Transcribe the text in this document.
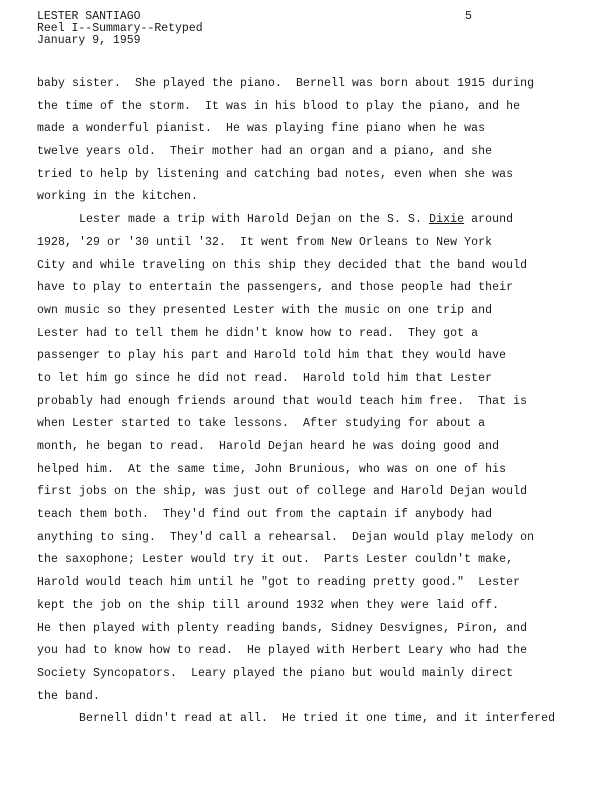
LESTER SANTIAGO
Reel I--Summary--Retyped
January 9, 1959
5
baby sister.  She played the piano.  Bernell was born about 1915 during
the time of the storm.  It was in his blood to play the piano, and he
made a wonderful pianist.  He was playing fine piano when he was
twelve years old.  Their mother had an organ and a piano, and she
tried to help by listening and catching bad notes, even when she was
working in the kitchen.
Lester made a trip with Harold Dejan on the S. S. Dixie around
1928, '29 or '30 until '32.  It went from New Orleans to New York
City and while traveling on this ship they decided that the band would
have to play to entertain the passengers, and those people had their
own music so they presented Lester with the music on one trip and
Lester had to tell them he didn't know how to read.  They got a
passenger to play his part and Harold told him that they would have
to let him go since he did not read.  Harold told him that Lester
probably had enough friends around that would teach him free.  That is
when Lester started to take lessons.  After studying for about a
month, he began to read.  Harold Dejan heard he was doing good and
helped him.  At the same time, John Brunious, who was on one of his
first jobs on the ship, was just out of college and Harold Dejan would
teach them both.  They'd find out from the captain if anybody had
anything to sing.  They'd call a rehearsal.  Dejan would play melody on
the saxophone; Lester would try it out.  Parts Lester couldn't make,
Harold would teach him until he "got to reading pretty good."  Lester
kept the job on the ship till around 1932 when they were laid off.
He then played with plenty reading bands, Sidney Desvignes, Piron, and
you had to know how to read.  He played with Herbert Leary who had the
Society Syncopators.  Leary played the piano but would mainly direct
the band.
Bernell didn't read at all.  He tried it one time, and it interfered
